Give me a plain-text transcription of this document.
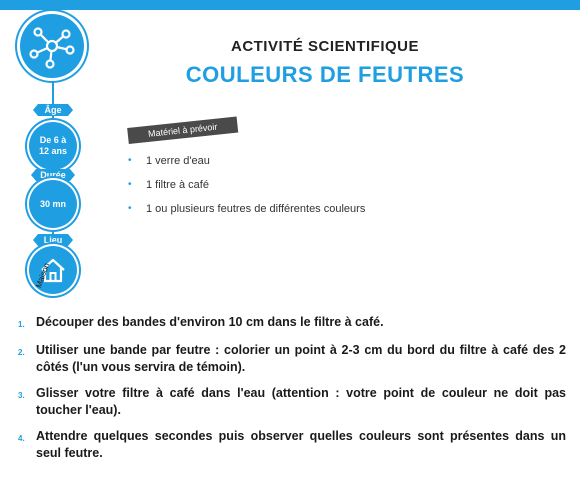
Âge
De 6 à
12 ans
Durée
30 mn
Lieu
Maison
ACTIVITÉ SCIENTIFIQUE
COULEURS DE FEUTRES
Matériel à prévoir
•	1 verre d'eau
•	1 filtre à café
•	1 ou plusieurs feutres de différentes couleurs
1. Découper des bandes d'environ 10 cm dans le filtre à café.
2. Utiliser une bande par feutre : colorier un point à 2-3 cm du bord du filtre à café des 2 côtés (l'un vous servira de témoin).
3. Glisser votre filtre à café dans l'eau (attention : votre point de couleur ne doit pas toucher l'eau).
4. Attendre quelques secondes puis observer quelles couleurs sont présentes dans un seul feutre.
